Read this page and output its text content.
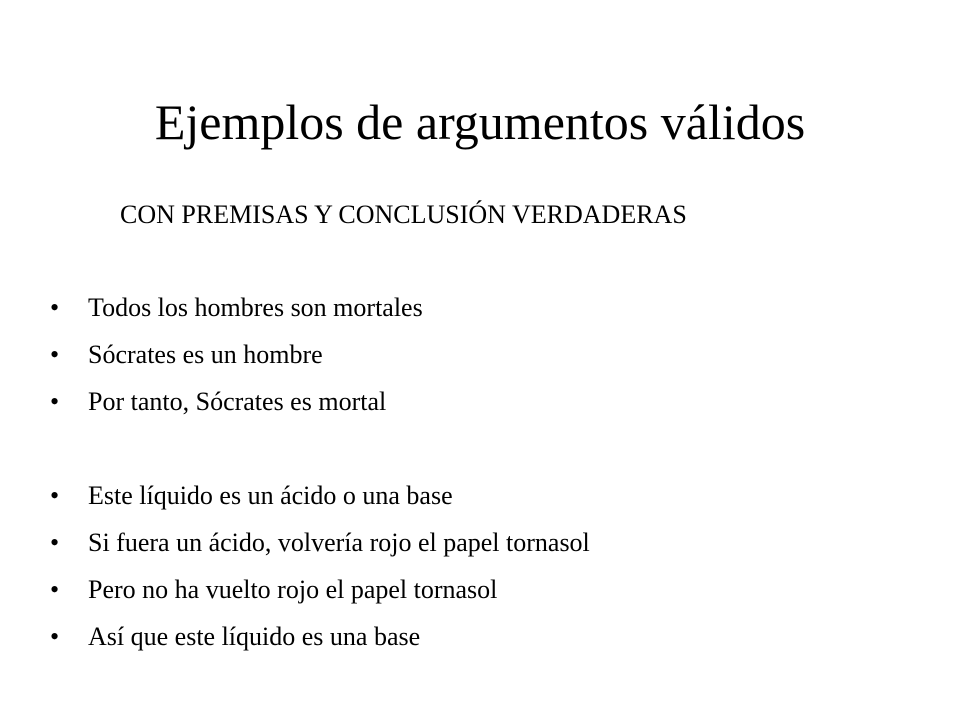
Ejemplos de argumentos válidos
CON PREMISAS Y CONCLUSIÓN VERDADERAS
•	Todos los hombres son mortales
•	Sócrates es un hombre
•	Por tanto, Sócrates es mortal
•	Este líquido es un ácido o una base
•	Si fuera un ácido, volvería rojo el papel tornasol
•	Pero no ha vuelto rojo el papel tornasol
•	Así que este líquido es una base
